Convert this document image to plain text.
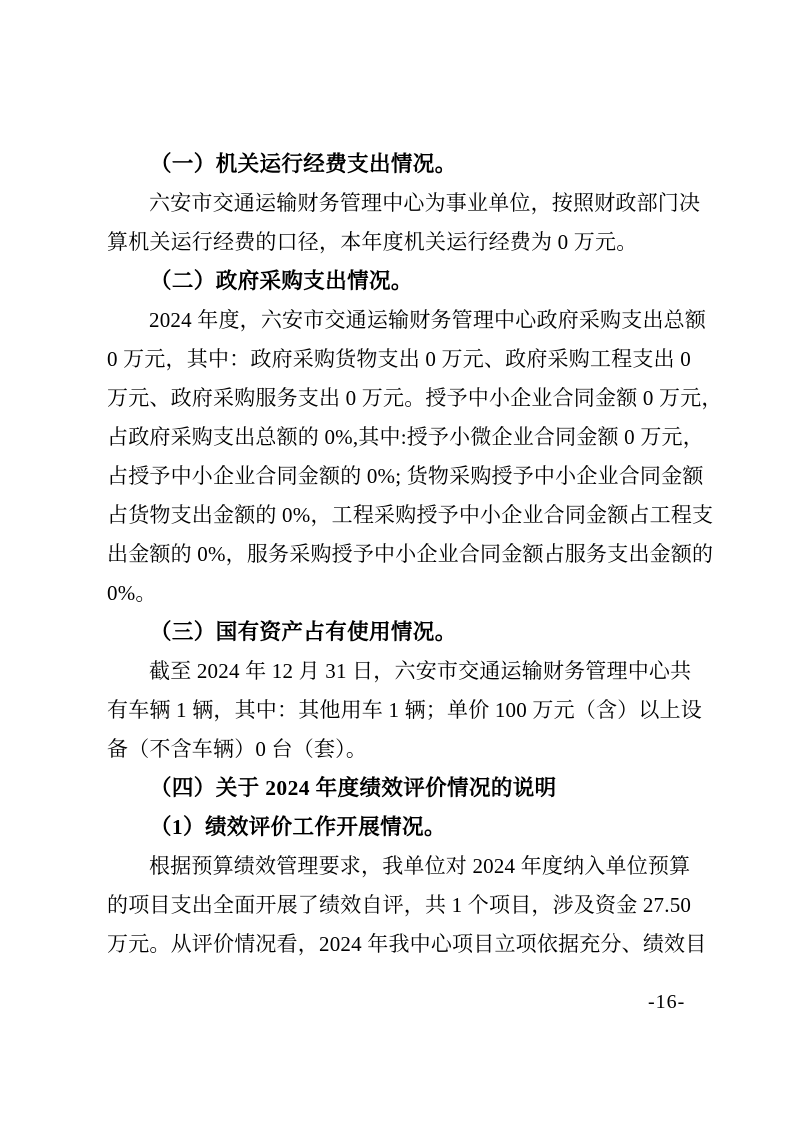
（一）机关运行经费支出情况。
六安市交通运输财务管理中心为事业单位，按照财政部门决
算机关运行经费的口径，本年度机关运行经费为 0 万元。
（二）政府采购支出情况。
2024 年度，六安市交通运输财务管理中心政府采购支出总额
0 万元，其中：政府采购货物支出 0 万元、政府采购工程支出 0
万元、政府采购服务支出 0 万元。授予中小企业合同金额 0 万元，
占政府采购支出总额的 0%,其中:授予小微企业合同金额 0 万元，
占授予中小企业合同金额的 0%; 货物采购授予中小企业合同金额
占货物支出金额的 0%，工程采购授予中小企业合同金额占工程支
出金额的 0%，服务采购授予中小企业合同金额占服务支出金额的
0%。
（三）国有资产占有使用情况。
截至 2024 年 12 月 31 日，六安市交通运输财务管理中心共
有车辆 1 辆，其中：其他用车 1 辆；单价 100 万元（含）以上设
备（不含车辆）0 台（套）。
（四）关于 2024 年度绩效评价情况的说明
（1）绩效评价工作开展情况。
根据预算绩效管理要求，我单位对 2024 年度纳入单位预算
的项目支出全面开展了绩效自评，共 1 个项目，涉及资金 27.50
万元。从评价情况看，2024 年我中心项目立项依据充分、绩效目
-16-
